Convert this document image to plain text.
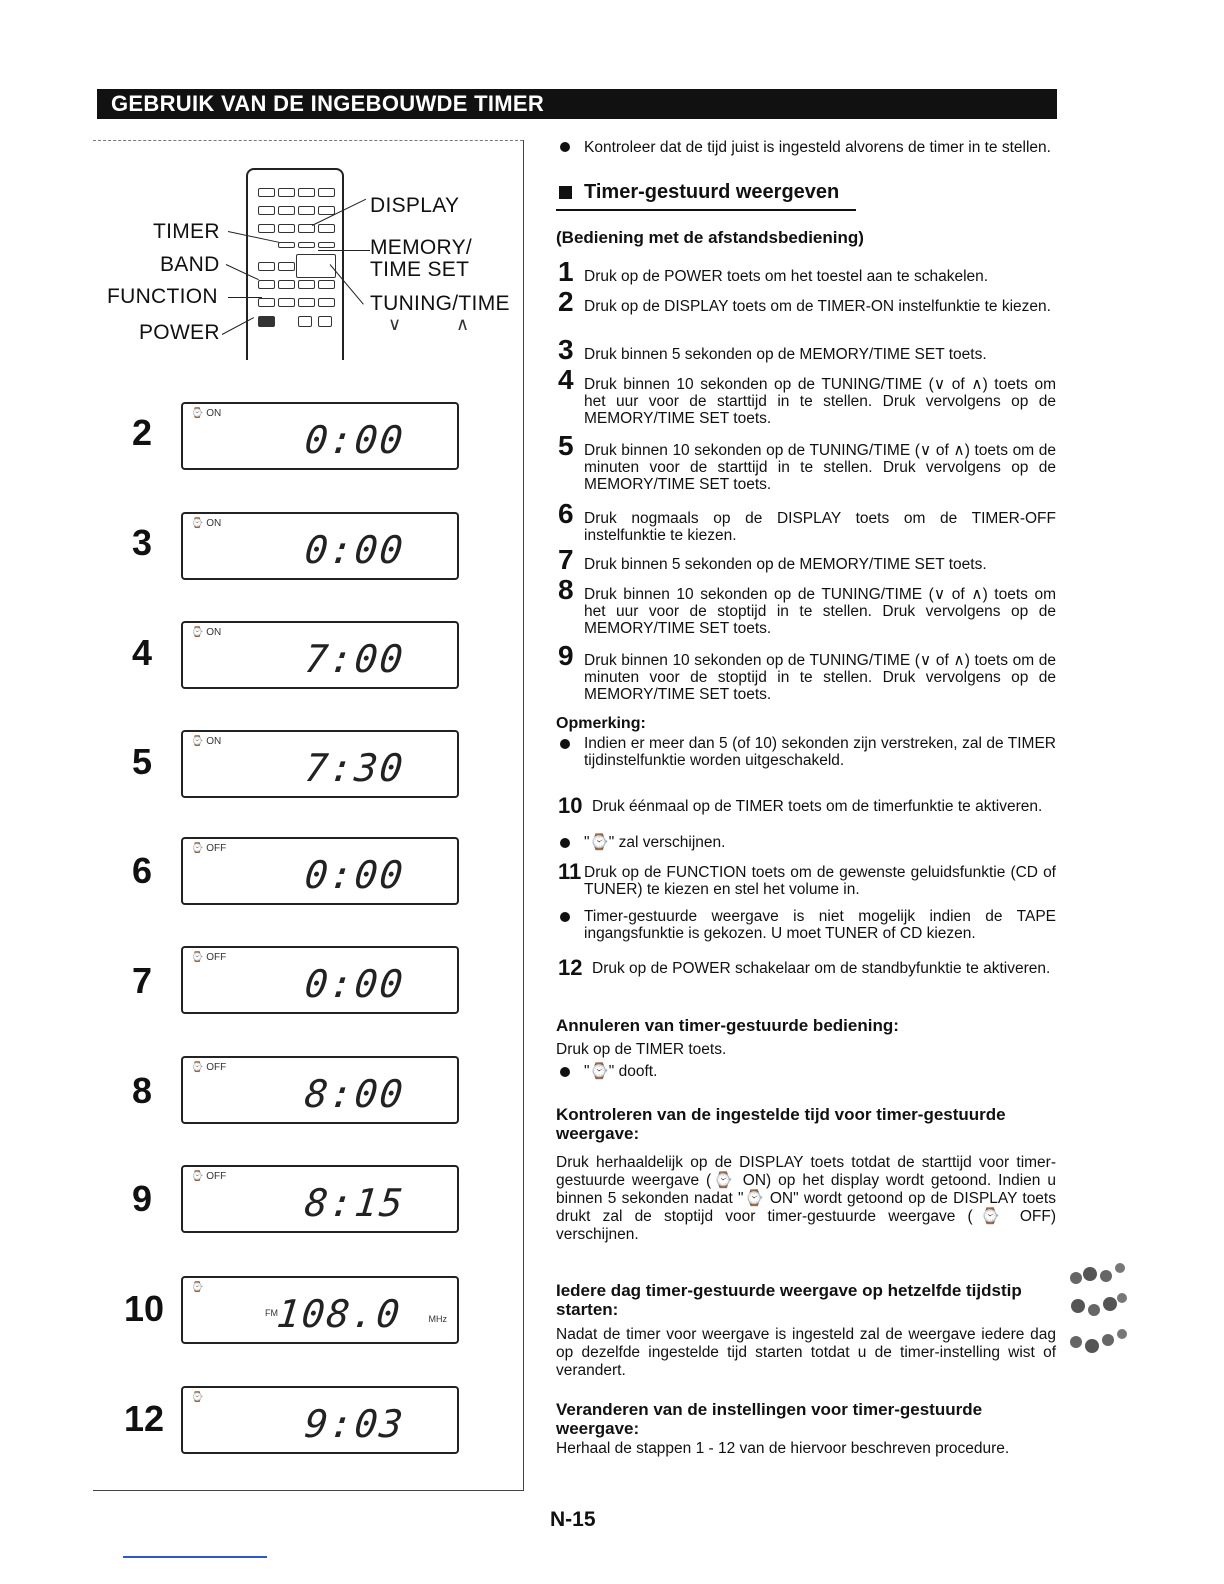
GEBRUIK VAN DE INGEBOUWDE TIMER
TIMER
BAND
FUNCTION
POWER
DISPLAY
MEMORY/
TIME SET
TUNING/TIME
∨	∧
2	⌚ ON
0:00
3	⌚ ON
0:00
4	⌚ ON
7:00
5	⌚ ON
7:30
6
⌚ OFF
0:00
7
⌚ OFF
0:00
8
⌚ OFF
8:00
9
⌚ OFF
8:15
10
⌚
FM
108.0	MHz
12
⌚
9:03
Kontroleer dat de tijd juist is ingesteld alvorens de timer in te stellen.
Timer-gestuurd weergeven
(Bediening met de afstandsbediening)
1 Druk op de POWER toets om het toestel aan te schakelen.
2 Druk op de DISPLAY toets om de TIMER-ON instelfunktie te kiezen.
3 Druk binnen 5 sekonden op de MEMORY/TIME SET toets.
4 Druk binnen 10 sekonden op de TUNING/TIME (∨ of ∧) toets om het uur voor de starttijd in te stellen. Druk vervolgens op de MEMORY/TIME SET toets.
5 Druk binnen 10 sekonden op de TUNING/TIME (∨ of ∧) toets om de minuten voor de starttijd in te stellen. Druk vervolgens op de MEMORY/TIME SET toets.
6 Druk nogmaals op de DISPLAY toets om de TIMER-OFF instelfunktie te kiezen.
7 Druk binnen 5 sekonden op de MEMORY/TIME SET toets.
8 Druk binnen 10 sekonden op de TUNING/TIME (∨ of ∧) toets om het uur voor de stoptijd in te stellen. Druk vervolgens op de MEMORY/TIME SET toets.
9 Druk binnen 10 sekonden op de TUNING/TIME (∨ of ∧) toets om de minuten voor de stoptijd in te stellen. Druk vervolgens op de MEMORY/TIME SET toets.
Opmerking:
Indien er meer dan 5 (of 10) sekonden zijn verstreken, zal de TIMER tijdinstelfunktie worden uitgeschakeld.
10 Druk éénmaal op de TIMER toets om de timerfunktie te aktiveren.
"⌚" zal verschijnen.
11 Druk op de FUNCTION toets om de gewenste geluidsfunktie (CD of TUNER) te kiezen en stel het volume in.
Timer-gestuurde weergave is niet mogelijk indien de TAPE ingangsfunktie is gekozen. U moet TUNER of CD kiezen.
12 Druk op de POWER schakelaar om de standbyfunktie te aktiveren.
Annuleren van timer-gestuurde bediening:
Druk op de TIMER toets.
"⌚" dooft.
Kontroleren van de ingestelde tijd voor timer-gestuurde weergave:
Druk herhaaldelijk op de DISPLAY toets totdat de starttijd voor timer-gestuurde weergave (⌚ ON) op het display wordt getoond. Indien u binnen 5 sekonden nadat "⌚ ON" wordt getoond op de DISPLAY toets drukt zal de stoptijd voor timer-gestuurde weergave (⌚ OFF) verschijnen.
Iedere dag timer-gestuurde weergave op hetzelfde tijdstip starten:
Nadat de timer voor weergave is ingesteld zal de weergave iedere dag op dezelfde ingestelde tijd starten totdat u de timer-instelling wist of verandert.
Veranderen van de instellingen voor timer-gestuurde weergave:
Herhaal de stappen 1 - 12 van de hiervoor beschreven procedure.
N-15
